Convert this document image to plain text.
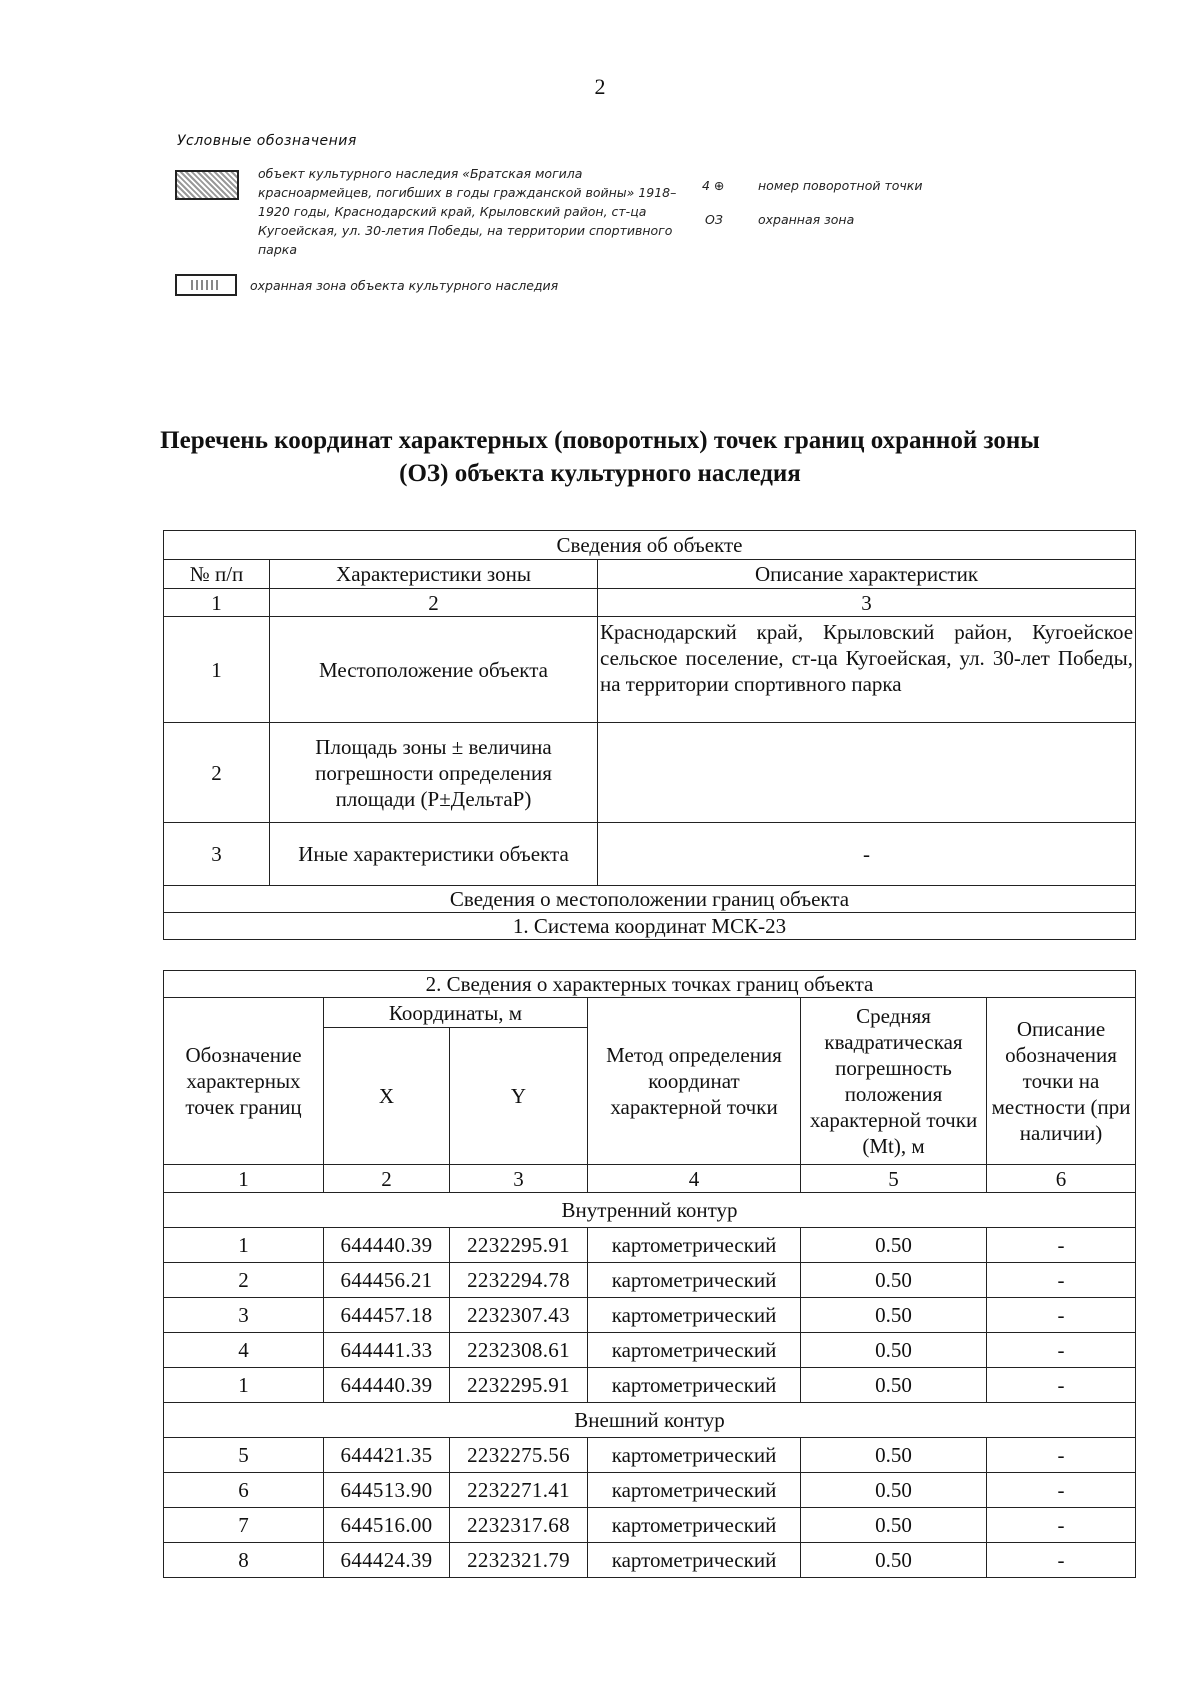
2
Условные обозначения
объект культурного наследия «Братская могила красноармейцев, погибших в годы гражданской войны» 1918–1920 годы, Краснодарский край, Крыловский район, ст-ца Кугоейская, ул. 30-летия Победы, на территории спортивного парка
4 ⊕	номер поворотной точки
ОЗ	охранная зона
охранная зона объекта культурного наследия
Перечень координат характерных (поворотных) точек границ охранной зоны (ОЗ) объекта культурного наследия
Сведения об объекте		
№ п/п	Характеристики зоны	Описание характеристик
1	2	3
1	Местоположение объекта	Краснодарский край, Крыловский район, Кугоейское сельское поселение, ст-ца Кугоейская, ул. 30-лет Победы, на территории спортивного парка
2	Площадь зоны ± величина погрешности определения площади (Р±ДельтаР)	
3	Иные характеристики объекта	-
Сведения о местоположении границ объекта		
1. Система координат МСК-23		
2. Сведения о характерных точках границ объекта					
Обозначение характерных точек границ	Координаты, м		Метод определения координат характерной точки	Средняя квадратическая погрешность положения характерной точки (Mt), м	Описание обозначения точки на местности (при наличии)
	X	Y			
1	2	3	4	5	6
Внутренний контур					
1	644440.39	2232295.91	картометрический	0.50	-
2	644456.21	2232294.78	картометрический	0.50	-
3	644457.18	2232307.43	картометрический	0.50	-
4	644441.33	2232308.61	картометрический	0.50	-
1	644440.39	2232295.91	картометрический	0.50	-
Внешний контур					
5	644421.35	2232275.56	картометрический	0.50	-
6	644513.90	2232271.41	картометрический	0.50	-
7	644516.00	2232317.68	картометрический	0.50	-
8	644424.39	2232321.79	картометрический	0.50	-
